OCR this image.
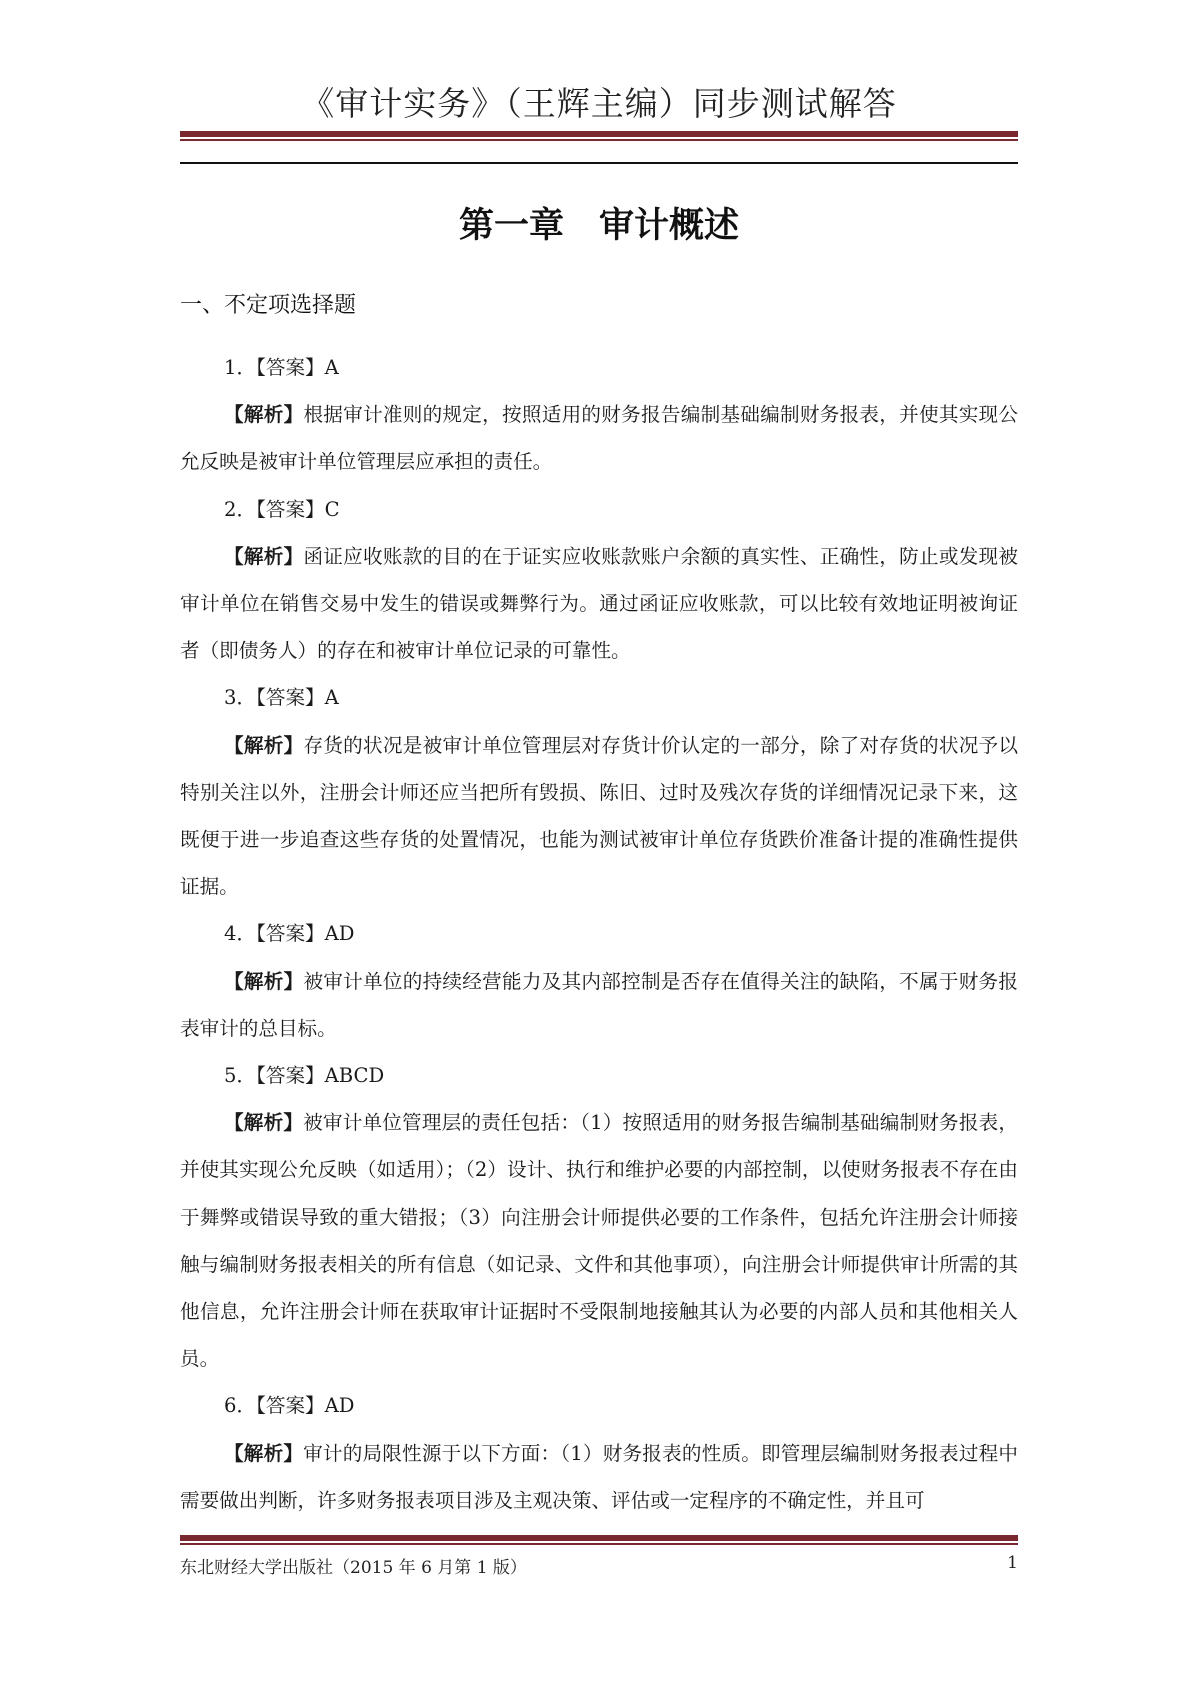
《审计实务》（王辉主编）同步测试解答
第一章　审计概述
一、不定项选择题

1．【答案】A

【解析】根据审计准则的规定，按照适用的财务报告编制基础编制财务报表，并使其实现公允反映是被审计单位管理层应承担的责任。

2．【答案】C

【解析】函证应收账款的目的在于证实应收账款账户余额的真实性、正确性，防止或发现被审计单位在销售交易中发生的错误或舞弊行为。通过函证应收账款，可以比较有效地证明被询证者（即债务人）的存在和被审计单位记录的可靠性。

3．【答案】A

【解析】存货的状况是被审计单位管理层对存货计价认定的一部分，除了对存货的状况予以特别关注以外，注册会计师还应当把所有毁损、陈旧、过时及残次存货的详细情况记录下来，这既便于进一步追查这些存货的处置情况，也能为测试被审计单位存货跌价准备计提的准确性提供证据。

4．【答案】AD

【解析】被审计单位的持续经营能力及其内部控制是否存在值得关注的缺陷，不属于财务报表审计的总目标。

5．【答案】ABCD

【解析】被审计单位管理层的责任包括：（1）按照适用的财务报告编制基础编制财务报表，并使其实现公允反映（如适用）；（2）设计、执行和维护必要的内部控制，以使财务报表不存在由于舞弊或错误导致的重大错报；（3）向注册会计师提供必要的工作条件，包括允许注册会计师接触与编制财务报表相关的所有信息（如记录、文件和其他事项），向注册会计师提供审计所需的其他信息，允许注册会计师在获取审计证据时不受限制地接触其认为必要的内部人员和其他相关人员。

6．【答案】AD

【解析】审计的局限性源于以下方面：（1）财务报表的性质。即管理层编制财务报表过程中需要做出判断，许多财务报表项目涉及主观决策、评估或一定程序的不确定性，并且可

东北财经大学出版社（2015 年 6 月第 1 版）	1
